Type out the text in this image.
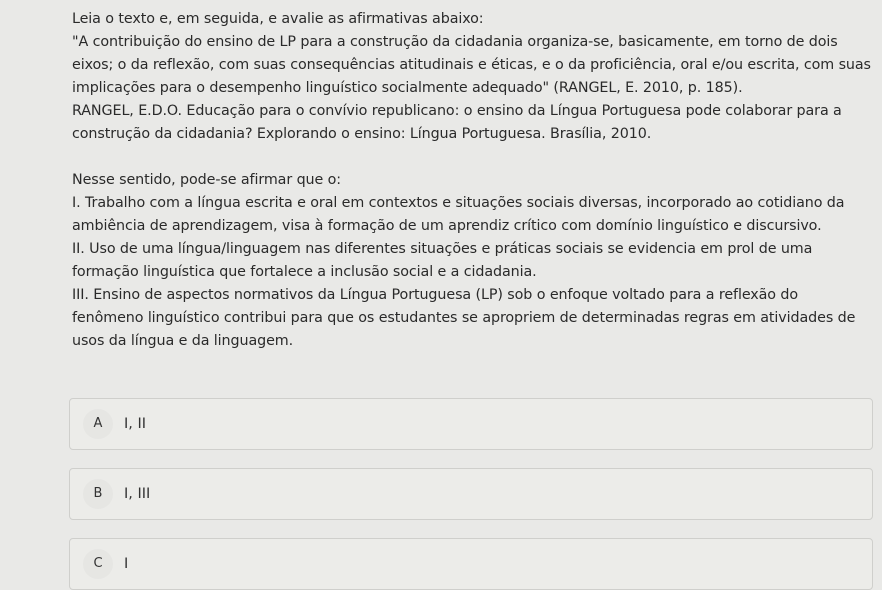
Leia o texto e, em seguida, e avalie as afirmativas abaixo:

"A contribuição do ensino de LP para a construção da cidadania organiza-se, basicamente, em torno de dois eixos; o da reflexão, com suas consequências atitudinais e éticas, e o da proficiência, oral e/ou escrita, com suas implicações para o desempenho linguístico socialmente adequado" (RANGEL, E. 2010, p. 185).

RANGEL, E.D.O. Educação para o convívio republicano: o ensino da Língua Portuguesa pode colaborar para a construção da cidadania? Explorando o ensino: Língua Portuguesa. Brasília, 2010.

Nesse sentido, pode-se afirmar que o:

I. Trabalho com a língua escrita e oral em contextos e situações sociais diversas, incorporado ao cotidiano da ambiência de aprendizagem, visa à formação de um aprendiz crítico com domínio linguístico e discursivo.

II. Uso de uma língua/linguagem nas diferentes situações e práticas sociais se evidencia em prol de uma formação linguística que fortalece a inclusão social e a cidadania.

III. Ensino de aspectos normativos da Língua Portuguesa (LP) sob o enfoque voltado para a reflexão do fenômeno linguístico contribui para que os estudantes se apropriem de determinadas regras em atividades de usos da língua e da linguagem.

A	I, II
B	I, III
C	I
